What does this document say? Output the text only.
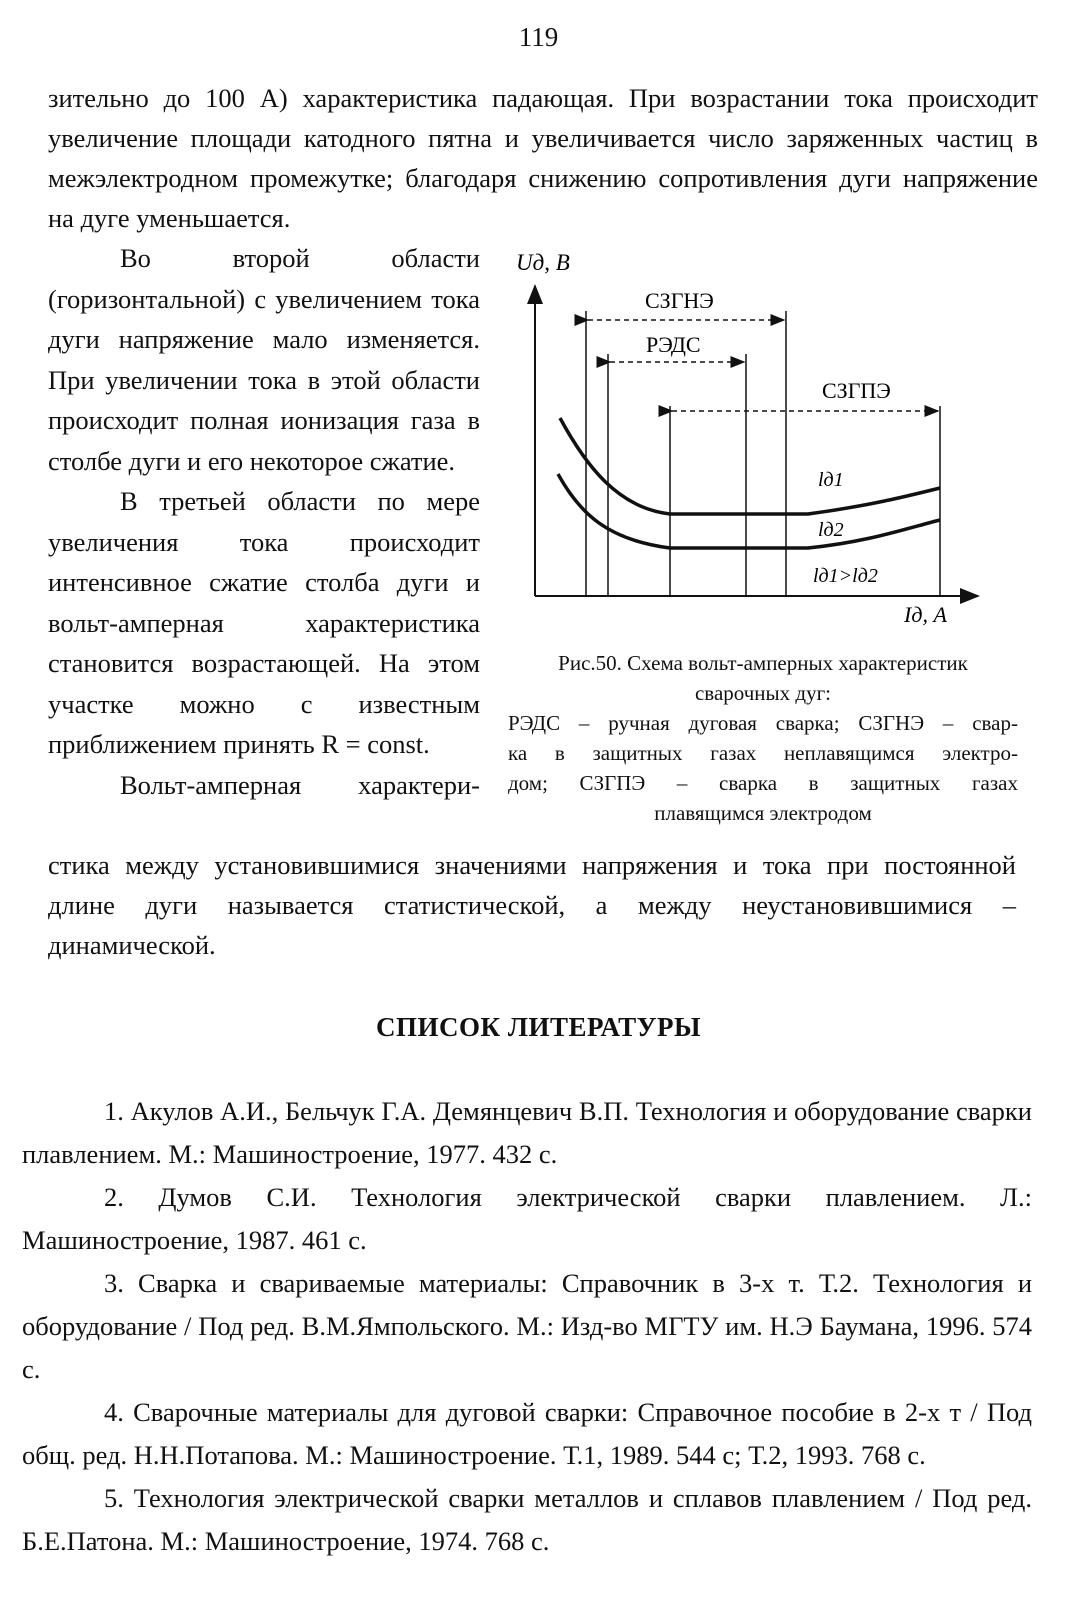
119
зительно до 100 А) характеристика падающая. При возрастании тока происходит увеличение площади катодного пятна и увеличивается число заряженных частиц в межэлектродном промежутке; благодаря снижению сопротивления дуги напряжение на дуге уменьшается.

Во второй области (горизонтальной) с увеличением тока дуги напряжение мало изменяется. При увеличении тока в этой области происходит полная ионизация газа в столбе дуги и его некоторое сжатие.

В третьей области по мере увеличения тока происходит интенсивное сжатие столба дуги и вольт-амперная характеристика становится возрастающей. На этом участке можно с известным приближением принять R = const.

Вольт-амперная характери-

стика между установившимися значениями напряжения и тока при постоянной длине дуги называется статистической, а между неустановившимися – динамической.
Uд, В
Iд, А
СЗГНЭ
РЭДС
СЗГПЭ
lд1
lд2
lд1>lд2
Рис.50. Схема вольт-амперных характеристик
сварочных дуг:
РЭДС – ручная дуговая сварка; СЗГНЭ – свар-
ка в защитных газах неплавящимся электро-
дом; СЗГПЭ – сварка в защитных газах
плавящимся электродом
СПИСОК ЛИТЕРАТУРЫ

1. Акулов А.И., Бельчук Г.А. Демянцевич В.П. Технология и оборудование сварки плавлением. М.: Машиностроение, 1977. 432 с.

2. Думов С.И. Технология электрической сварки плавлением. Л.: Машиностроение, 1987. 461 с.

3. Сварка и свариваемые материалы: Справочник в 3-х т. Т.2. Технология и оборудование / Под ред. В.М.Ямпольского. М.: Изд-во МГТУ им. Н.Э Баумана, 1996. 574 с.

4. Сварочные материалы для дуговой сварки: Справочное пособие в 2-х т / Под общ. ред. Н.Н.Потапова. М.: Машиностроение. Т.1, 1989. 544 с; Т.2, 1993. 768 с.

5. Технология электрической сварки металлов и сплавов плавлением / Под ред. Б.Е.Патона. М.: Машиностроение, 1974. 768 с.
